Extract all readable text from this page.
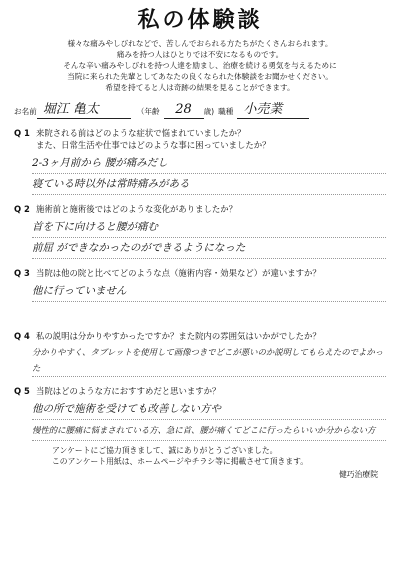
私の体験談
様々な痛みやしびれなどで、苦しんでおられる方たちがたくさんおられます。
痛みを持つ人はひとりでは不安になるものです。
そんな辛い痛みやしびれを持つ人達を励まし、治療を続ける勇気を与えるために
当院に来られた先輩としてあなたの良くなられた体験談をお聞かせください。
希望を持てると人は奇跡の結果を見ることができます。
お名前 堀江 亀太	（ 年齢	28	歳) 職種 小売業
Q 1 来院される前はどのような症状で悩まれていましたか？
また、日常生活や仕事ではどのような事に困っていましたか？
2-3ヶ月前から 腰が痛みだし
寝ている時以外は常時痛みがある
Q 2 施術前と施術後ではどのような変化がありましたか？
首を下に向けると腰が痛む
前屈 ができなかったのができるようになった
Q 3 当院は他の院と比べてどのような点（施術内容・効果など）が違いますか？
他に行っていません

Q 4 私の説明は分かりやすかったですか？また院内の雰囲気はいかがでしたか？
分かりやすく、タブレットを使用して画像つきでどこが悪いのか説明してもらえたのでよかった
Q 5 当院はどのような方におすすめだと思いますか？
他の所で施術を受けても改善しない方や
慢性的に腰痛に悩まされている方、急に首、腰が痛くてどこに行ったらいいか分からない方
アンケートにご協力頂きまして、誠にありがとうございました。
このアンケート用紙は、ホームページやチラシ等に掲載させて頂きます。
健巧治療院
